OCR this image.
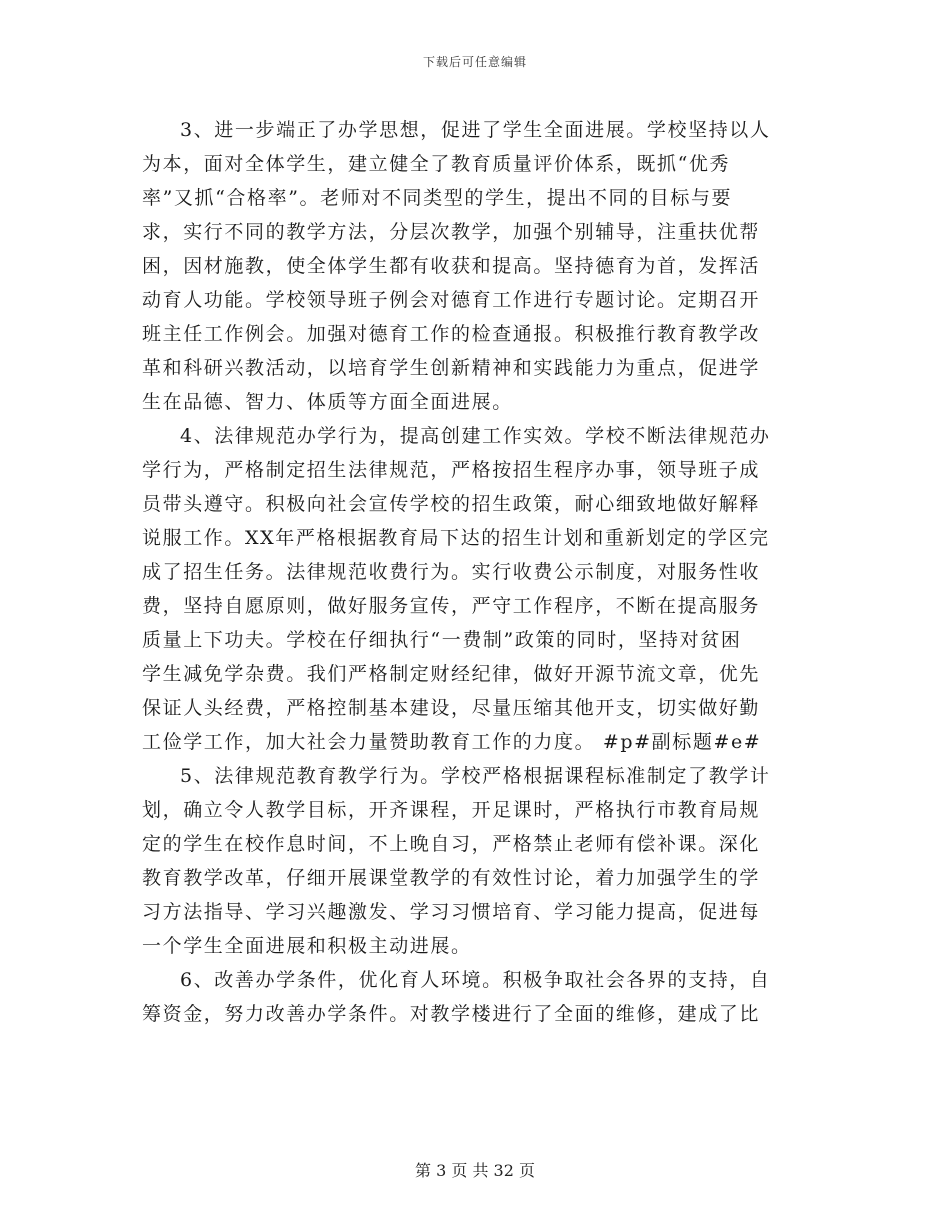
下载后可任意编辑
3、进一步端正了办学思想，促进了学生全面进展。学校坚持以人
为本，面对全体学生，建立健全了教育质量评价体系，既抓“优秀
率”又抓“合格率”。老师对不同类型的学生，提出不同的目标与要
求，实行不同的教学方法，分层次教学，加强个别辅导，注重扶优帮
困，因材施教，使全体学生都有收获和提高。坚持德育为首，发挥活
动育人功能。学校领导班子例会对德育工作进行专题讨论。定期召开
班主任工作例会。加强对德育工作的检查通报。积极推行教育教学改
革和科研兴教活动，以培育学生创新精神和实践能力为重点，促进学
生在品德、智力、体质等方面全面进展。
4、法律规范办学行为，提高创建工作实效。学校不断法律规范办
学行为，严格制定招生法律规范，严格按招生程序办事，领导班子成
员带头遵守。积极向社会宣传学校的招生政策，耐心细致地做好解释
说服工作。XX年严格根据教育局下达的招生计划和重新划定的学区完
成了招生任务。法律规范收费行为。实行收费公示制度，对服务性收
费，坚持自愿原则，做好服务宣传，严守工作程序，不断在提高服务
质量上下功夫。学校在仔细执行“一费制”政策的同时，坚持对贫困
学生减免学杂费。我们严格制定财经纪律，做好开源节流文章，优先
保证人头经费，严格控制基本建设，尽量压缩其他开支，切实做好勤
工俭学工作，加大社会力量赞助教育工作的力度。 #p#副标题#e#
5、法律规范教育教学行为。学校严格根据课程标准制定了教学计
划，确立令人教学目标，开齐课程，开足课时，严格执行市教育局规
定的学生在校作息时间，不上晚自习，严格禁止老师有偿补课。深化
教育教学改革，仔细开展课堂教学的有效性讨论，着力加强学生的学
习方法指导、学习兴趣激发、学习习惯培育、学习能力提高，促进每
一个学生全面进展和积极主动进展。
6、改善办学条件，优化育人环境。积极争取社会各界的支持，自
筹资金，努力改善办学条件。对教学楼进行了全面的维修，建成了比
第 3 页 共 32 页
